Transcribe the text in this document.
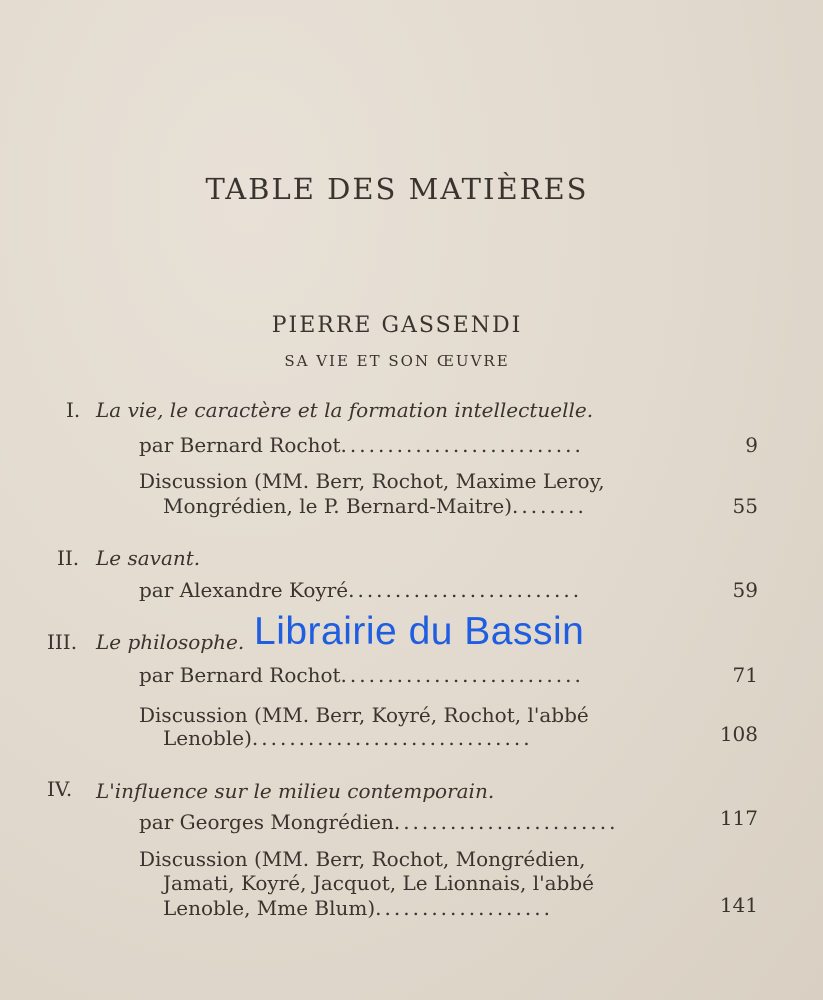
TABLE DES MATIÈRES
PIERRE GASSENDI
SA VIE ET SON ŒUVRE
I. La vie, le caractère et la formation intellectuelle.
par Bernard Rochot..........................	9
Discussion (MM. Berr, Rochot, Maxime Leroy,
Mongrédien, le P. Bernard-Maitre)........	55
II. Le savant.
par Alexandre Koyré.........................	59
III. Le philosophe.
par Bernard Rochot..........................	71
Discussion (MM. Berr, Koyré, Rochot, l'abbé
Lenoble)..............................	108
IV. L'influence sur le milieu contemporain.
par Georges Mongrédien........................	117
Discussion (MM. Berr, Rochot, Mongrédien,
Jamati, Koyré, Jacquot, Le Lionnais, l'abbé
Lenoble, Mme Blum)...................	141
Librairie du Bassin
